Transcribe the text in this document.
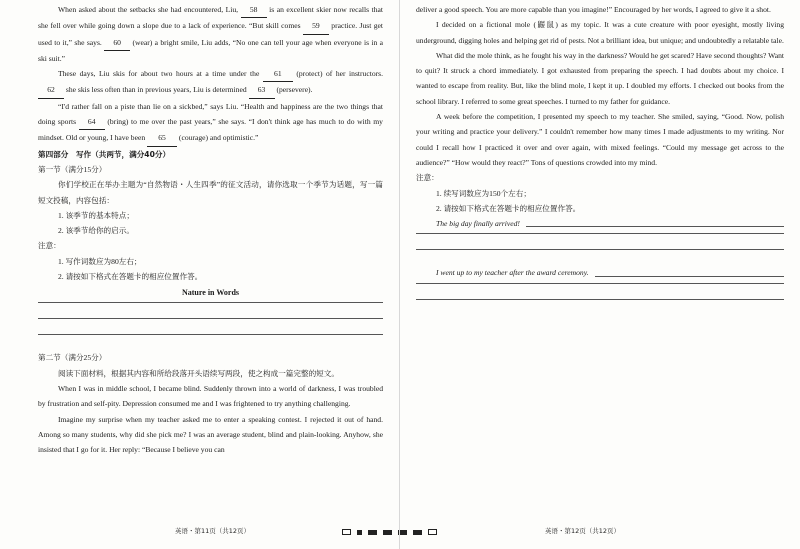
When asked about the setbacks she had encountered, Liu, 58 is an excellent skier now recalls that she fell over while going down a slope due to a lack of experience. “But skill comes 59 practice. Just get used to it,” she says. 60 (wear) a bright smile, Liu adds, “No one can tell your age when everyone is in a ski suit.”

These days, Liu skis for about two hours at a time under the 61 (protect) of her instructors. 62 she skis less often than in previous years, Liu is determined 63 (persevere).

“I'd rather fall on a piste than lie on a sickbed,” says Liu. “Health and happiness are the two things that doing sports 64 (bring) to me over the past years,” she says. “I don't think age has much to do with my mindset. Old or young, I have been 65 (courage) and optimistic.”

第四部分　写作（共两节，满分40分）

第一节（满分15分）

你们学校正在举办主题为“自然物语・人生四季”的征文活动，请你选取一个季节为话题，写一篇短文投稿，内容包括：

1. 该季节的基本特点；

2. 该季节给你的启示。

注意：

1. 写作词数应为80左右；

2. 请按如下格式在答题卡的相应位置作答。

Nature in Words

第二节（满分25分）

阅读下面材料，根据其内容和所给段落开头语续写两段，使之构成一篇完整的短文。

When I was in middle school, I became blind. Suddenly thrown into a world of darkness, I was troubled by frustration and self-pity. Depression consumed me and I was frightened to try anything challenging.

Imagine my surprise when my teacher asked me to enter a speaking contest. I rejected it out of hand. Among so many students, why did she pick me? I was an average student, blind and plain-looking. Anyhow, she insisted that I go for it. Her reply: “Because I believe you can

英语・第11页（共12页）

deliver a good speech. You are more capable than you imagine!” Encouraged by her words, I agreed to give it a shot.

I decided on a fictional mole (鼹鼠) as my topic. It was a cute creature with poor eyesight, mostly living underground, digging holes and helping get rid of pests. Not a brilliant idea, but unique; and undoubtedly a relatable tale.

What did the mole think, as he fought his way in the darkness? Would he get scared? Have second thoughts? Want to quit? It struck a chord immediately. I got exhausted from preparing the speech. I had doubts about my choice. I wanted to escape from reality. But, like the blind mole, I kept it up. I doubled my efforts. I checked out books from the school library. I referred to some great speeches. I turned to my father for guidance.

A week before the competition, I presented my speech to my teacher. She smiled, saying, “Good. Now, polish your writing and practice your delivery.” I couldn't remember how many times I made adjustments to my writing. Nor could I recall how I practiced it over and over again, with mixed feelings. “Could my message get across to the audience?” “How would they react?” Tons of questions crowded into my mind.

注意：

1. 续写词数应为150个左右；

2. 请按如下格式在答题卡的相应位置作答。

The big day finally arrived!

I went up to my teacher after the award ceremony.

英语・第12页（共12页）
